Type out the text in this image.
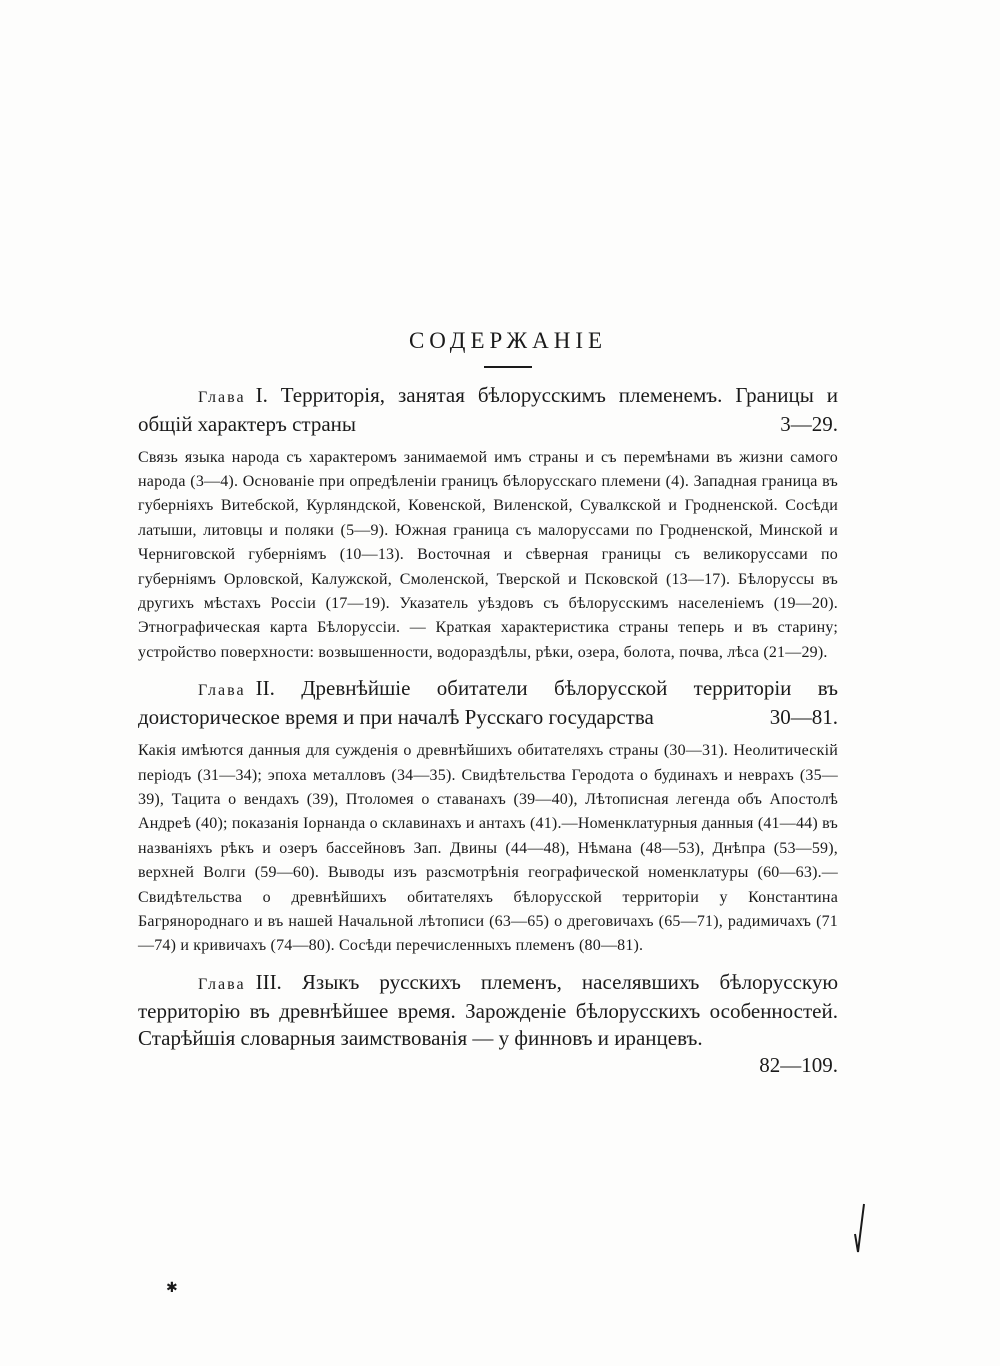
СОДЕРЖАНIЕ

Глава I. Территорія, занятая бѣлорусскимъ племенемъ. Границы и общій характеръ страны	3—29.

Связь языка народа съ характеромъ занимаемой имъ страны и съ перемѣнами въ жизни самого народа (3—4). Основаніе при опредѣленіи границъ бѣлорусскаго племени (4). Западная граница въ губерніяхъ Витебской, Курляндской, Ковенской, Виленской, Сувалкской и Гродненской. Сосѣди латыши, литовцы и поляки (5—9). Южная граница съ малоруссами по Гродненской, Минской и Черниговской губерніямъ (10—13). Восточная и сѣверная границы съ великоруссами по губерніямъ Орловской, Калужской, Смоленской, Тверской и Псковской (13—17). Бѣлоруссы въ другихъ мѣстахъ Россіи (17—19). Указатель уѣздовъ съ бѣлорусскимъ населеніемъ (19—20). Этнографическая карта Бѣлоруссіи. — Краткая характеристика страны теперь и въ старину; устройство поверхности: возвышенности, водораздѣлы, рѣки, озера, болота, почва, лѣса (21—29).

Глава II. Древнѣйшіе обитатели бѣлорусской территоріи въ доисторическое время и при началѣ Русскаго государства	30—81.

Какія имѣются данныя для сужденія о древнѣйшихъ обитателяхъ страны (30—31). Неолитическій періодъ (31—34); эпоха металловъ (34—35). Свидѣтельства Геродота о будинахъ и неврахъ (35—39), Тацита о вендахъ (39), Птоломея о ставанахъ (39—40), Лѣтописная легенда объ Апостолѣ Андреѣ (40); показанія Іорнанда о склавинахъ и антахъ (41).—Номенклатурныя данныя (41—44) въ названіяхъ рѣкъ и озеръ бассейновъ Зап. Двины (44—48), Нѣмана (48—53), Днѣпра (53—59), верхней Волги (59—60). Выводы изъ разсмотрѣнія географической номенклатуры (60—63).—Свидѣтельства о древнѣйшихъ обитателяхъ бѣлорусской территоріи у Константина Багрянороднаго и въ нашей Начальной лѣтописи (63—65) о дреговичахъ (65—71), радимичахъ (71—74) и кривичахъ (74—80). Сосѣди перечисленныхъ племенъ (80—81).

Глава III. Языкъ русскихъ племенъ, населявшихъ бѣлорусскую территорію въ древнѣйшее время. Зарожденіе бѣлорусскихъ особенностей. Старѣйшія словарныя заимствованія — у финновъ и иранцевъ.
82—109.

✱
